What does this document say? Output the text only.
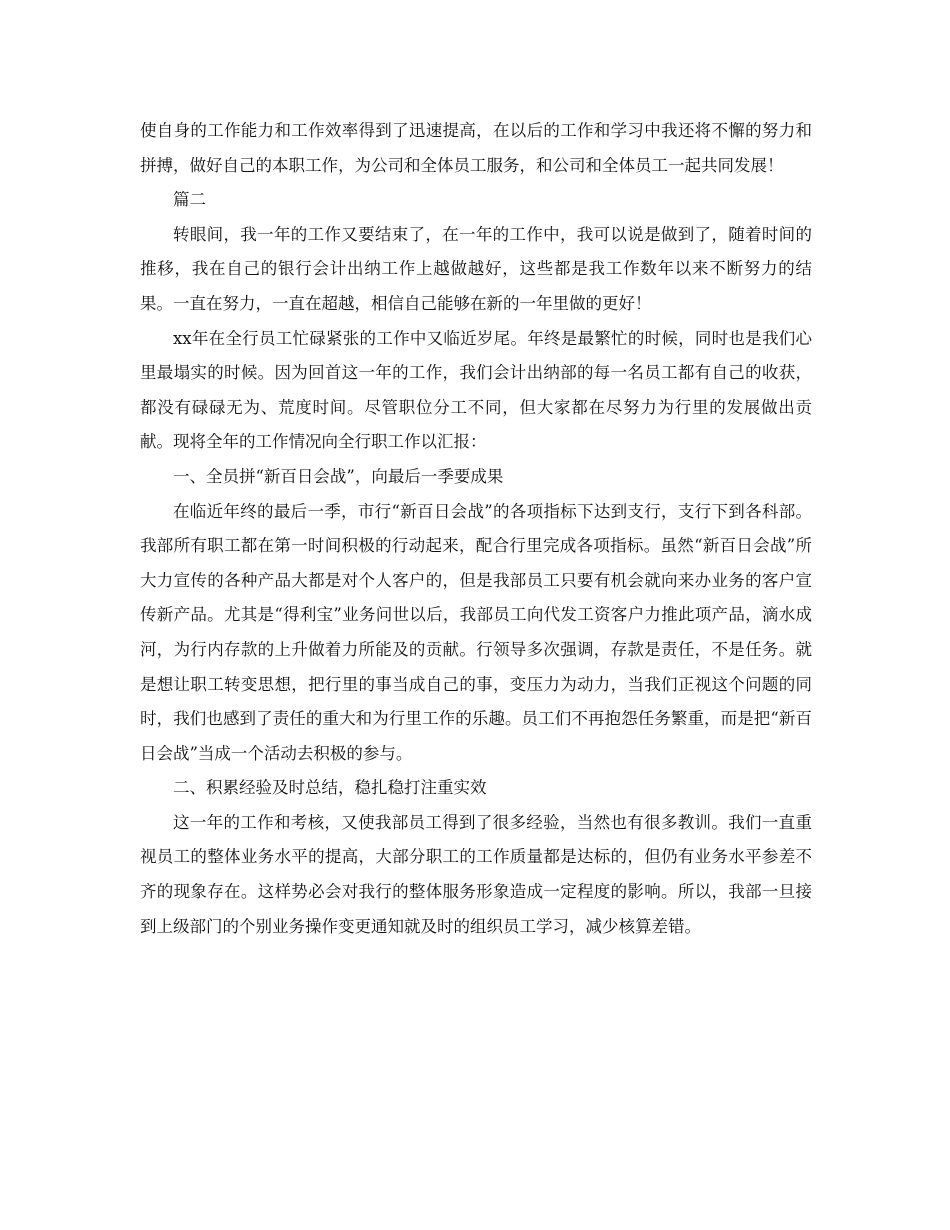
使自身的工作能力和工作效率得到了迅速提高，在以后的工作和学习中我还将不懈的努力和拼搏，做好自己的本职工作，为公司和全体员工服务，和公司和全体员工一起共同发展！

篇二

转眼间，我一年的工作又要结束了，在一年的工作中，我可以说是做到了，随着时间的推移，我在自己的银行会计出纳工作上越做越好，这些都是我工作数年以来不断努力的结果。一直在努力，一直在超越，相信自己能够在新的一年里做的更好！

xx年在全行员工忙碌紧张的工作中又临近岁尾。年终是最繁忙的时候，同时也是我们心里最塌实的时候。因为回首这一年的工作，我们会计出纳部的每一名员工都有自己的收获，都没有碌碌无为、荒度时间。尽管职位分工不同，但大家都在尽努力为行里的发展做出贡献。现将全年的工作情况向全行职工作以汇报：

一、全员拼“新百日会战”，向最后一季要成果

在临近年终的最后一季，市行“新百日会战”的各项指标下达到支行，支行下到各科部。我部所有职工都在第一时间积极的行动起来，配合行里完成各项指标。虽然“新百日会战”所大力宣传的各种产品大都是对个人客户的，但是我部员工只要有机会就向来办业务的客户宣传新产品。尤其是“得利宝”业务问世以后，我部员工向代发工资客户力推此项产品，滴水成河，为行内存款的上升做着力所能及的贡献。行领导多次强调，存款是责任，不是任务。就是想让职工转变思想，把行里的事当成自己的事，变压力为动力，当我们正视这个问题的同时，我们也感到了责任的重大和为行里工作的乐趣。员工们不再抱怨任务繁重，而是把“新百日会战”当成一个活动去积极的参与。

二、积累经验及时总结，稳扎稳打注重实效

这一年的工作和考核，又使我部员工得到了很多经验，当然也有很多教训。我们一直重视员工的整体业务水平的提高，大部分职工的工作质量都是达标的，但仍有业务水平参差不齐的现象存在。这样势必会对我行的整体服务形象造成一定程度的影响。所以，我部一旦接到上级部门的个别业务操作变更通知就及时的组织员工学习，减少核算差错。
